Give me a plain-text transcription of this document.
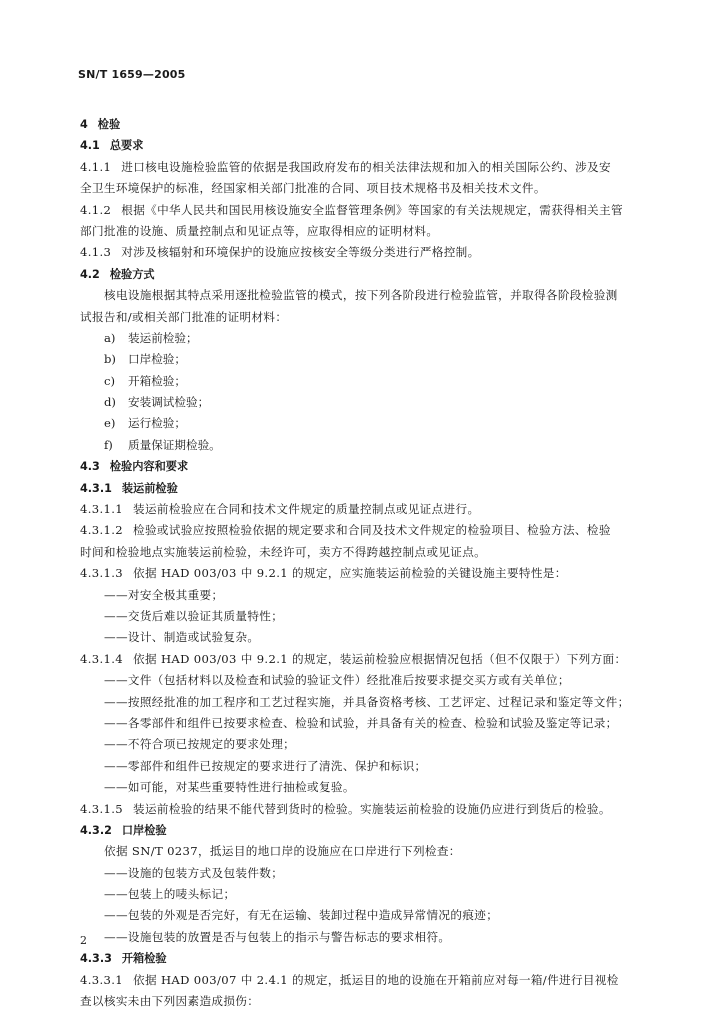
SN/T 1659—2005
4 检验
4.1 总要求
4.1.1 进口核电设施检验监管的依据是我国政府发布的相关法律法规和加入的相关国际公约、涉及安
全卫生环境保护的标准，经国家相关部门批准的合同、项目技术规格书及相关技术文件。
4.1.2 根据《中华人民共和国民用核设施安全监督管理条例》等国家的有关法规规定，需获得相关主管
部门批准的设施、质量控制点和见证点等，应取得相应的证明材料。
4.1.3 对涉及核辐射和环境保护的设施应按核安全等级分类进行严格控制。
4.2 检验方式
核电设施根据其特点采用逐批检验监管的模式，按下列各阶段进行检验监管，并取得各阶段检验测
试报告和/或相关部门批准的证明材料：
a) 装运前检验；
b) 口岸检验；
c) 开箱检验；
d) 安装调试检验；
e) 运行检验；
f) 质量保证期检验。
4.3 检验内容和要求
4.3.1 装运前检验
4.3.1.1 装运前检验应在合同和技术文件规定的质量控制点或见证点进行。
4.3.1.2 检验或试验应按照检验依据的规定要求和合同及技术文件规定的检验项目、检验方法、检验
时间和检验地点实施装运前检验，未经许可，卖方不得跨越控制点或见证点。
4.3.1.3 依据 HAD 003/03 中 9.2.1 的规定，应实施装运前检验的关键设施主要特性是：
——对安全极其重要；
——交货后难以验证其质量特性；
——设计、制造或试验复杂。
4.3.1.4 依据 HAD 003/03 中 9.2.1 的规定，装运前检验应根据情况包括（但不仅限于）下列方面：
——文件（包括材料以及检查和试验的验证文件）经批准后按要求提交买方或有关单位；
——按照经批准的加工程序和工艺过程实施，并具备资格考核、工艺评定、过程记录和鉴定等文件；
——各零部件和组件已按要求检查、检验和试验，并具备有关的检查、检验和试验及鉴定等记录；
——不符合项已按规定的要求处理；
——零部件和组件已按规定的要求进行了清洗、保护和标识；
——如可能，对某些重要特性进行抽检或复验。
4.3.1.5 装运前检验的结果不能代替到货时的检验。实施装运前检验的设施仍应进行到货后的检验。
4.3.2 口岸检验
依据 SN/T 0237，抵运目的地口岸的设施应在口岸进行下列检查：
——设施的包装方式及包装件数；
——包装上的唛头标记；
——包装的外观是否完好，有无在运输、装卸过程中造成异常情况的痕迹；
——设施包装的放置是否与包装上的指示与警告标志的要求相符。
4.3.3 开箱检验
4.3.3.1 依据 HAD 003/07 中 2.4.1 的规定，抵运目的地的设施在开箱前应对每一箱/件进行目视检
查以核实未由下列因素造成损伤：
2
